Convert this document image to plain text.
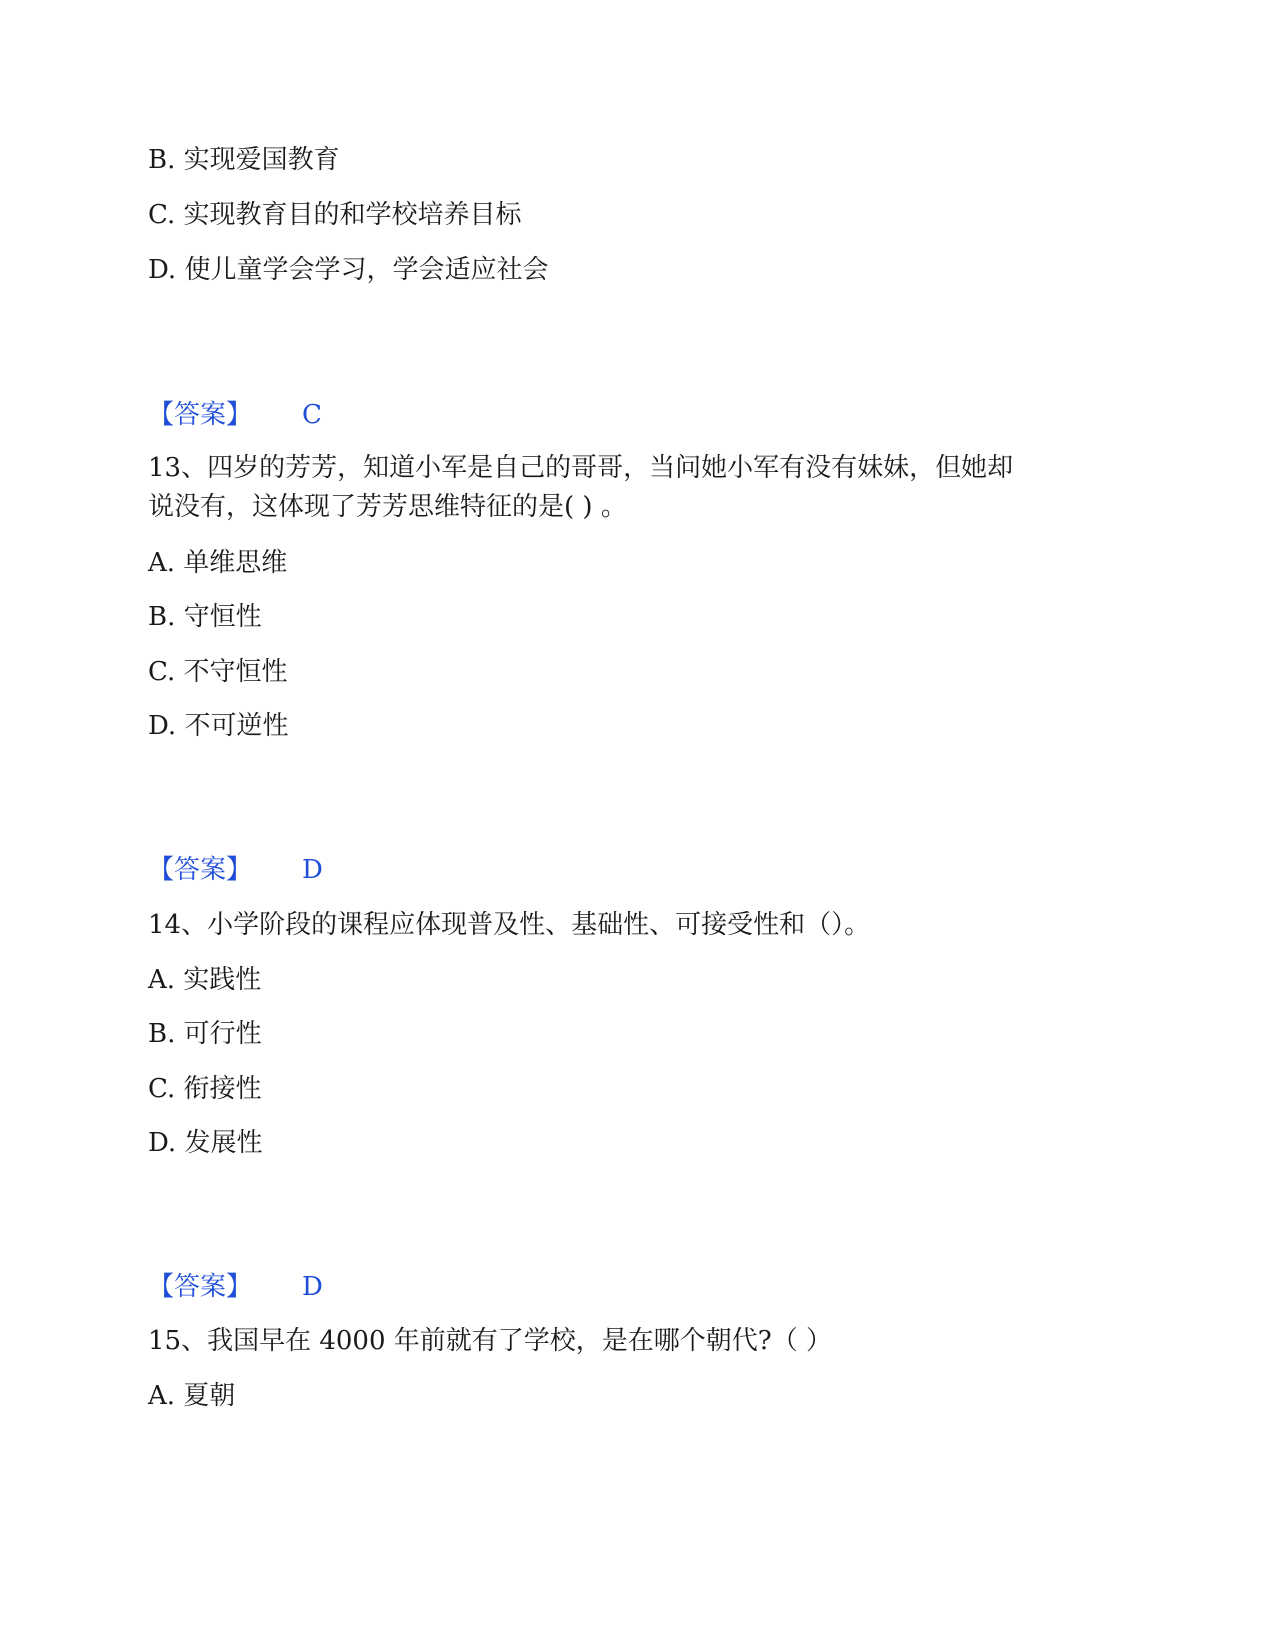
B. 实现爱国教育
C. 实现教育目的和学校培养目标
D. 使儿童学会学习，学会适应社会
【答案】 C
13、四岁的芳芳，知道小军是自己的哥哥，当问她小军有没有妹妹，但她却
说没有，这体现了芳芳思维特征的是( ) 。
A. 单维思维
B. 守恒性
C. 不守恒性
D. 不可逆性
【答案】 D
14、小学阶段的课程应体现普及性、基础性、可接受性和（）。
A. 实践性
B. 可行性
C. 衔接性
D. 发展性
【答案】 D
15、我国早在 4000 年前就有了学校，是在哪个朝代?（ ）
A. 夏朝
